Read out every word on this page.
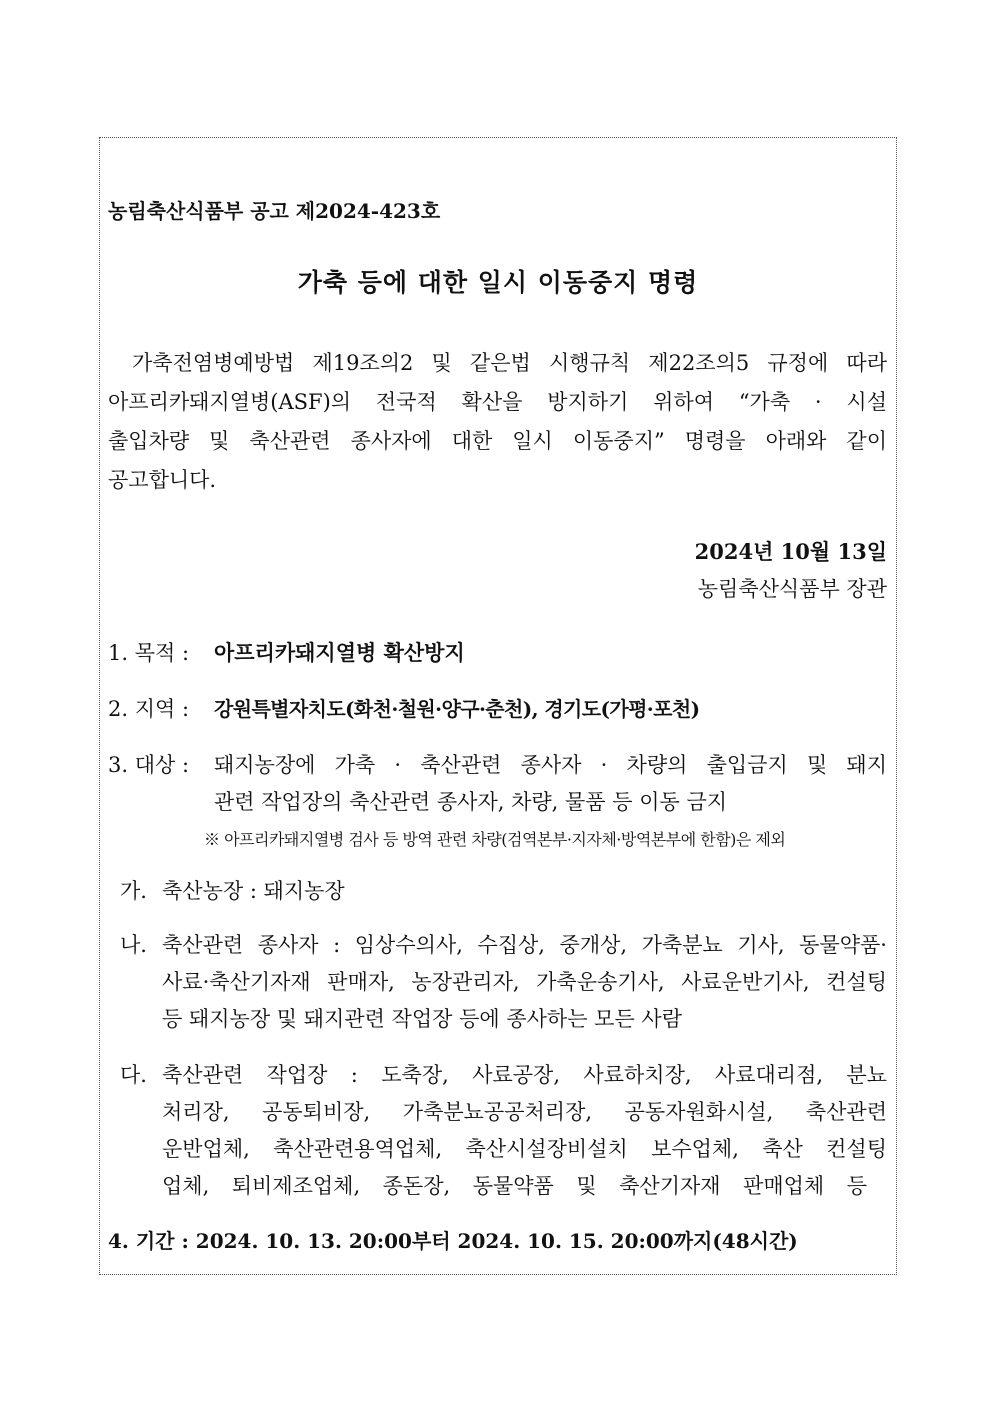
농림축산식품부 공고 제2024-423호
가축 등에 대한 일시 이동중지 명령
가축전염병예방법 제19조의2 및 같은법 시행규칙 제22조의5 규정에 따라
아프리카돼지열병(ASF)의 전국적 확산을 방지하기 위하여 “가축 · 시설
출입차량 및 축산관련 종사자에 대한 일시 이동중지” 명령을 아래와 같이
공고합니다.
2024년 10월 13일
농림축산식품부 장관
1. 목적 : 아프리카돼지열병 확산방지
2. 지역 : 강원특별자치도(화천·철원·양구·춘천), 경기도(가평·포천)
3. 대상 : 돼지농장에 가축 · 축산관련 종사자 · 차량의 출입금지 및 돼지
관련 작업장의 축산관련 종사자, 차량, 물품 등 이동 금지
※ 아프리카돼지열병 검사 등 방역 관련 차량(검역본부·지자체·방역본부에 한함)은 제외
가. 축산농장 : 돼지농장
나. 축산관련 종사자 : 임상수의사, 수집상, 중개상, 가축분뇨 기사, 동물약품·
사료·축산기자재 판매자, 농장관리자, 가축운송기사, 사료운반기사, 컨설팅
등 돼지농장 및 돼지관련 작업장 등에 종사하는 모든 사람
다. 축산관련 작업장 : 도축장, 사료공장, 사료하치장, 사료대리점, 분뇨
처리장, 공동퇴비장, 가축분뇨공공처리장, 공동자원화시설, 축산관련
운반업체, 축산관련용역업체, 축산시설장비설치 보수업체, 축산 컨설팅
업체, 퇴비제조업체, 종돈장, 동물약품 및 축산기자재 판매업체 등
4. 기간 : 2024. 10. 13. 20:00부터 2024. 10. 15. 20:00까지(48시간)
